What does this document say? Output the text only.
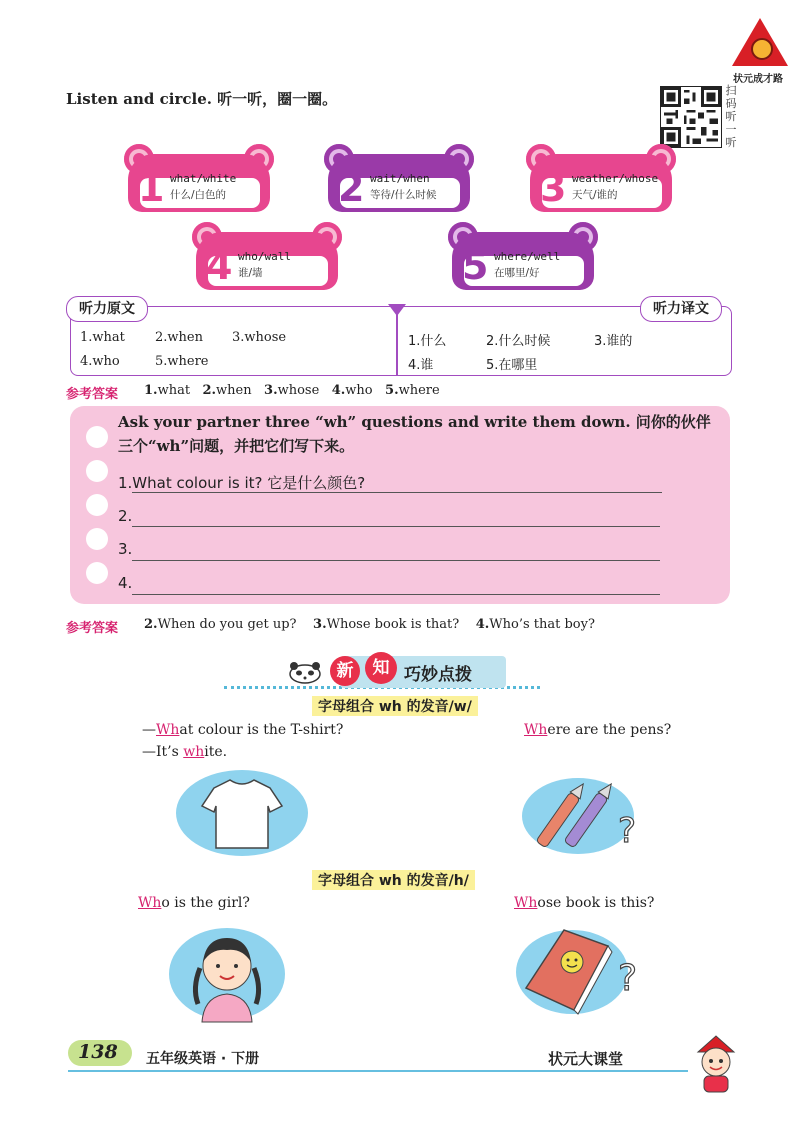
状元成才路
Listen and circle. 听一听，圈一圈。	扫
码
听
一
听
1 what/white
什么/白色的	2 wait/when
等待/什么时候	3 weather/whose
天气/谁的
4 who/wall
谁/墙	5 where/well
在哪里/好
听力原文	听力译文
1.what 2.when 3.whose
4.who	5.where
1.什么	2.什么时候	3.谁的
4.谁	5.在哪里
参考答案 1.what 2.when 3.whose 4.who 5.where
Ask your partner three “wh” questions and write them down. 问你的伙伴三个“wh”问题，并把它们写下来。
1.What colour is it? 它是什么颜色?
2.
3.
4.
参考答案 2.When do you get up? 3.Whose book is that? 4.Who’s that boy?
新	知 巧妙点拨
字母组合 wh 的发音/w/
—What colour is the T-shirt?
—It’s white.
Where are the pens?
?
字母组合 wh 的发音/h/
Who is the girl?	Whose book is this?
?
138 五年级英语 · 下册	状元大课堂
